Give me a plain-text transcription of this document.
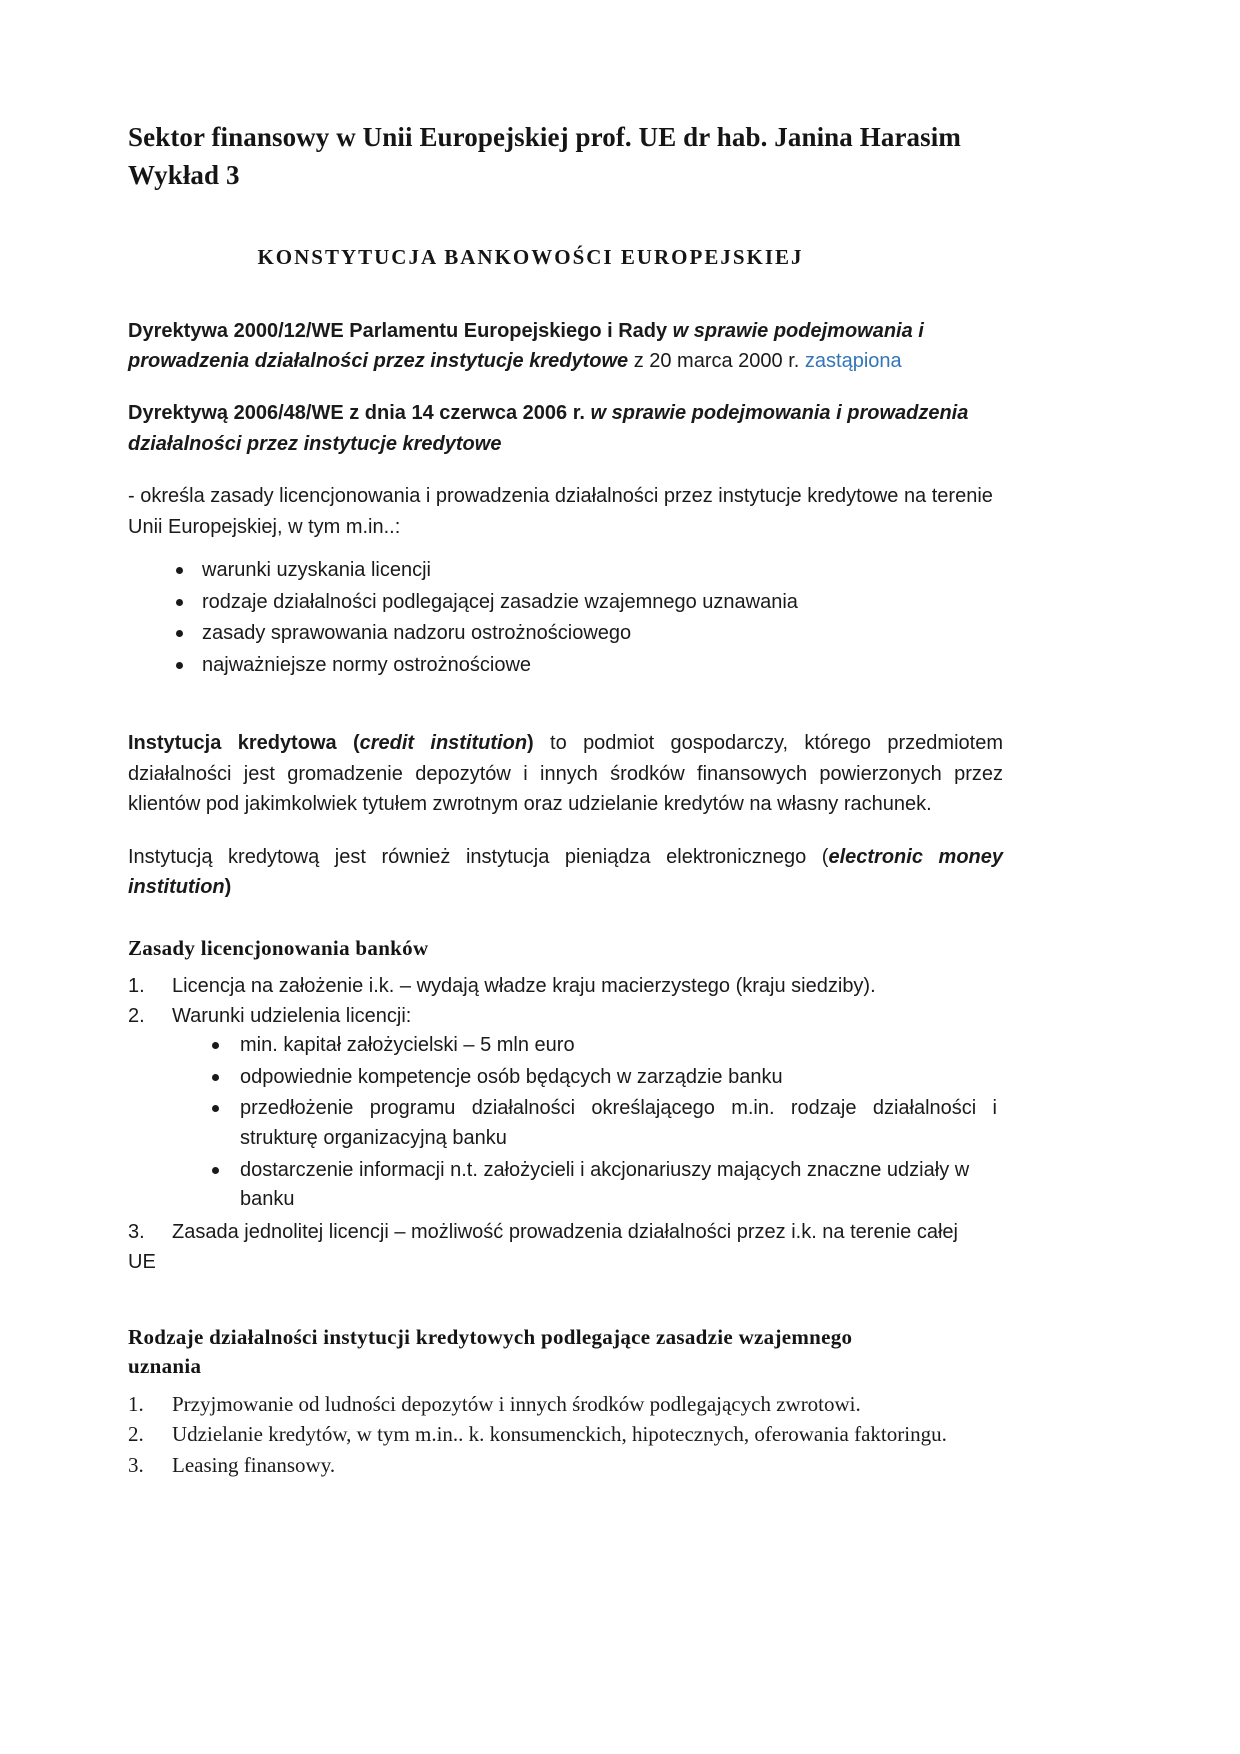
Sektor finansowy w Unii Europejskiej prof. UE dr hab. Janina Harasim
Wykład 3
KONSTYTUCJA BANKOWOŚCI EUROPEJSKIEJ

Dyrektywa 2000/12/WE Parlamentu Europejskiego i Rady w sprawie podejmowania i prowadzenia działalności przez instytucje kredytowe z 20 marca 2000 r. zastąpiona

Dyrektywą 2006/48/WE z dnia 14 czerwca 2006 r. w sprawie podejmowania i prowadzenia działalności przez instytucje kredytowe

- określa zasady licencjonowania i prowadzenia działalności przez instytucje kredytowe na terenie Unii Europejskiej, w tym m.in..:

warunki uzyskania licencji
rodzaje działalności podlegającej zasadzie wzajemnego uznawania
zasady sprawowania nadzoru ostrożnościowego
najważniejsze normy ostrożnościowe

Instytucja kredytowa (credit institution) to podmiot gospodarczy, którego przedmiotem działalności jest gromadzenie depozytów i innych środków finansowych powierzonych przez klientów pod jakimkolwiek tytułem zwrotnym oraz udzielanie kredytów na własny rachunek.

Instytucją kredytową jest również instytucja pieniądza elektronicznego (electronic money institution)

Zasady licencjonowania banków
1.	Licencja na założenie i.k. – wydają władze kraju macierzystego (kraju siedziby).
2.	Warunki udzielenia licencji:
min. kapitał założycielski – 5 mln euro
odpowiednie kompetencje osób będących w zarządzie banku
przedłożenie programu działalności określającego m.in. rodzaje działalności i strukturę organizacyjną banku
dostarczenie informacji n.t. założycieli i akcjonariuszy mających znaczne udziały w banku
3.	Zasada jednolitej licencji – możliwość prowadzenia działalności przez i.k. na terenie całej
UE
Rodzaje działalności instytucji kredytowych podlegające zasadzie wzajemnego
uznania
1.	Przyjmowanie od ludności depozytów i innych środków podlegających zwrotowi.
2.	Udzielanie kredytów, w tym m.in.. k. konsumenckich, hipotecznych, oferowania faktoringu.
3.	Leasing finansowy.
